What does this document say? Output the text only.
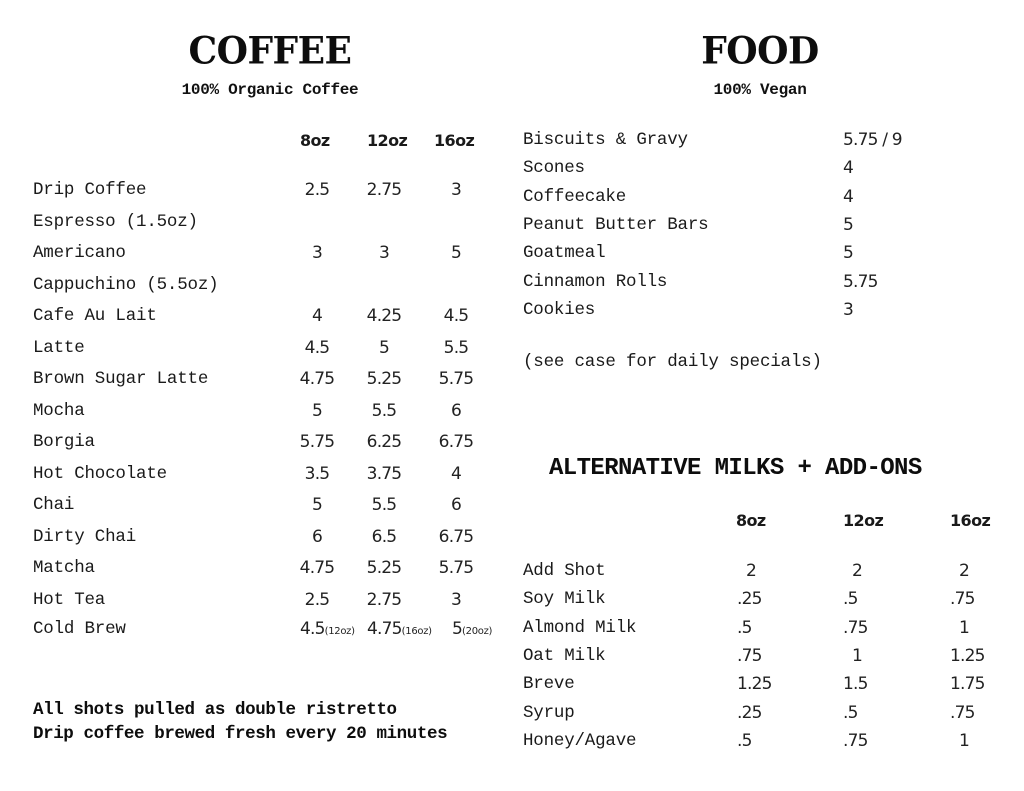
COFFEE
100% Organic Coffee
8oz 12oz 16oz
Drip Coffee	2.5 2.75	3
Espresso (1.5oz)
Americano	3	3	5
Cappuchino (5.5oz)
Cafe Au Lait	4	4.25 4.5
Latte	4.5	5	5.5
Brown Sugar Latte	4.75 5.25 5.75
Mocha	5	5.5	6
Borgia	5.75 6.25 6.75
Hot Chocolate	3.5 3.75	4
Chai	5	5.5	6
Dirty Chai	6	6.5 6.75
Matcha	4.75 5.25 5.75
Hot Tea	2.5 2.75	3
Cold Brew	4.5(12oz) 4.75(16oz) 5(20oz)
All shots pulled as double ristretto
Drip coffee brewed fresh every 20 minutes
FOOD
100% Vegan
Biscuits & Gravy	5.75 / 9
Scones	4
Coffeecake	4
Peanut Butter Bars	5
Goatmeal	5
Cinnamon Rolls	5.75
Cookies	3
(see case for daily specials)
ALTERNATIVE MILKS + ADD-ONS
8oz	12oz	16oz
Add Shot	2	2	2
Soy Milk	.25	.5	.75
Almond Milk	.5	.75	1
Oat Milk	.75	1	1.25
Breve	1.25	1.5	1.75
Syrup	.25	.5	.75
Honey/Agave	.5	.75	1
